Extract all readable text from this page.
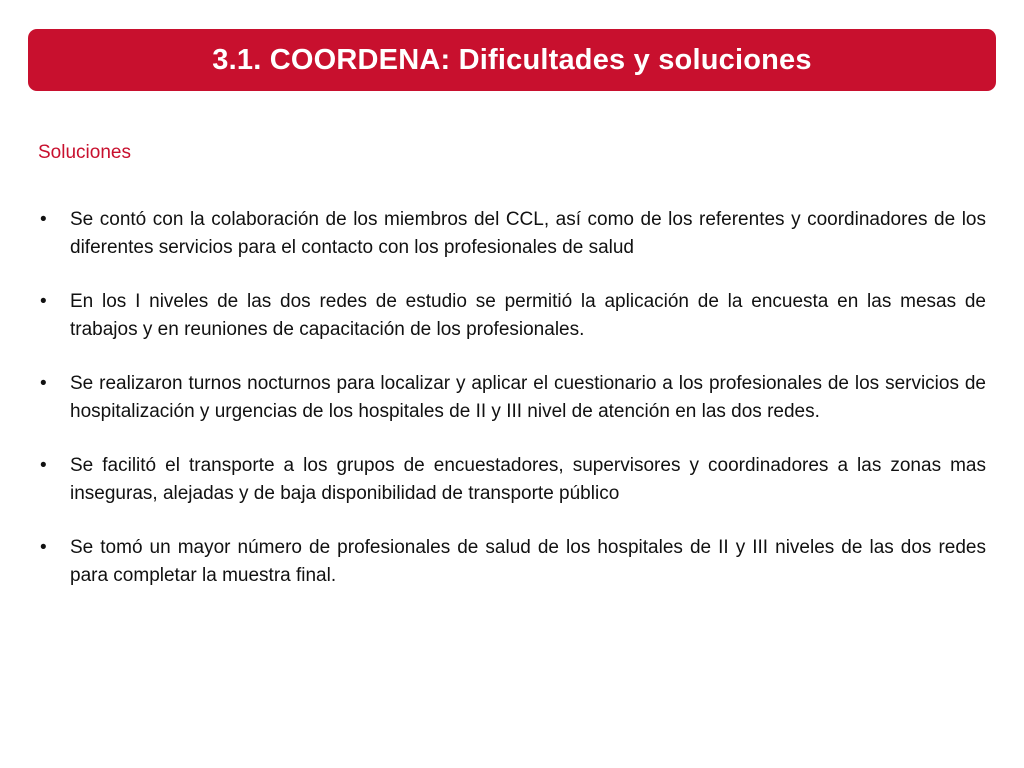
3.1. COORDENA: Dificultades y soluciones
Soluciones
• Se contó con la colaboración de los miembros del CCL, así como de los referentes y coordinadores de los diferentes servicios para el contacto con los profesionales de salud
• En los I niveles de las dos redes de estudio se permitió la aplicación de la encuesta en las mesas de trabajos y en reuniones de capacitación de los profesionales.
• Se realizaron turnos nocturnos para localizar y aplicar el cuestionario a los profesionales de los servicios de hospitalización y urgencias de los hospitales de II y III nivel de atención en las dos redes.
• Se facilitó el transporte a los grupos de encuestadores, supervisores y coordinadores a las zonas mas inseguras, alejadas y de baja disponibilidad de transporte público
• Se tomó un mayor número de profesionales de salud de los hospitales de II y III niveles de las dos redes para completar la muestra final.
